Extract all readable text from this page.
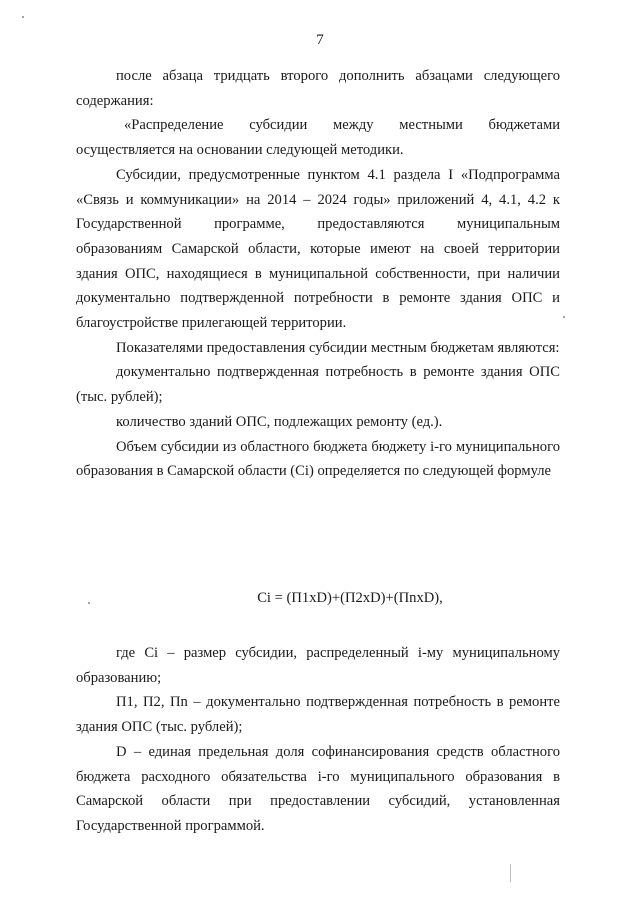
7

после абзаца тридцать второго дополнить абзацами следующего содержания:

«Распределение субсидии между местными бюджетами осуществляется на основании следующей методики.

Субсидии, предусмотренные пунктом 4.1 раздела I «Подпрограмма «Связь и коммуникации» на 2014 – 2024 годы» приложений 4, 4.1, 4.2 к Государственной программе, предоставляются муниципальным образованиям Самарской области, которые имеют на своей территории здания ОПС, находящиеся в муниципальной собственности, при наличии документально подтвержденной потребности в ремонте здания ОПС и благоустройстве прилегающей территории.

Показателями предоставления субсидии местным бюджетам являются:

документально подтвержденная потребность в ремонте здания ОПС (тыс. рублей);

количество зданий ОПС, подлежащих ремонту (ед.).

Объем субсидии из областного бюджета бюджету i-го муниципального образования в Самарской области (Ci) определяется по следующей формуле

Ci = (П1xD)+(П2xD)+(ПnxD),

где Ci – размер субсидии, распределенный i-му муниципальному образованию;

П1, П2, Пn – документально подтвержденная потребность в ремонте здания ОПС (тыс. рублей);

D – единая предельная доля софинансирования средств областного бюджета расходного обязательства i-го муниципального образования в Самарской области при предоставлении субсидий, установленная Государственной программой.
